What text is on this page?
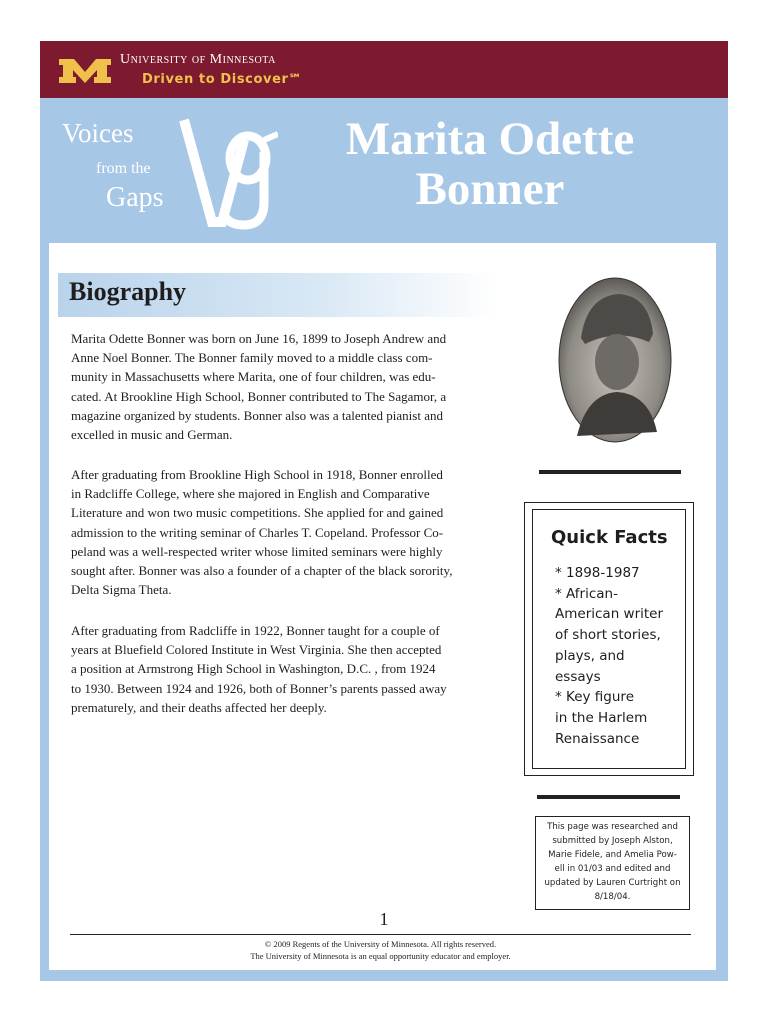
University of Minnesota
Driven to Discover℠
Voices
from the
Gaps
Marita Odette
Bonner
Biography
Marita Odette Bonner was born on June 16, 1899 to Joseph Andrew and
Anne Noel Bonner. The Bonner family moved to a middle class com-
munity in Massachusetts where Marita, one of four children, was edu-
cated. At Brookline High School, Bonner contributed to The Sagamor, a
magazine organized by students. Bonner also was a talented pianist and
excelled in music and German.
After graduating from Brookline High School in 1918, Bonner enrolled
in Radcliffe College, where she majored in English and Comparative
Literature and won two music competitions. She applied for and gained
admission to the writing seminar of Charles T. Copeland. Professor Co-
peland was a well-respected writer whose limited seminars were highly
sought after. Bonner was also a founder of a chapter of the black sorority,
Delta Sigma Theta.
After graduating from Radcliffe in 1922, Bonner taught for a couple of
years at Bluefield Colored Institute in West Virginia. She then accepted
a position at Armstrong High School in Washington, D.C. , from 1924
to 1930. Between 1924 and 1926, both of Bonner’s parents passed away
prematurely, and their deaths affected her deeply.
Quick Facts
* 1898-1987
* African-
American writer
of short stories,
plays, and
essays
* Key figure
in the Harlem
Renaissance
This page was researched and
submitted by Joseph Alston,
Marie Fidele, and Amelia Pow-
ell in 01/03 and edited and
updated by Lauren Curtright on
8/18/04.
1
© 2009 Regents of the University of Minnesota. All rights reserved.
The University of Minnesota is an equal opportunity educator and employer.
